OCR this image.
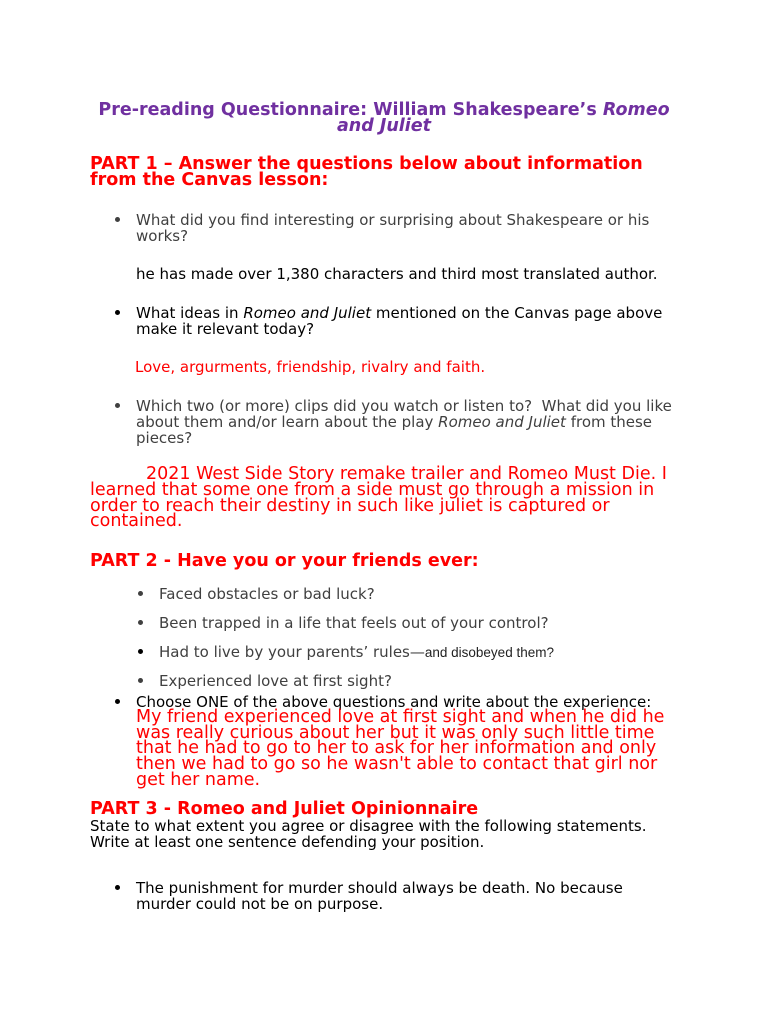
Pre-reading Questionnaire: William Shakespeare’s Romeo
and Juliet
PART 1 – Answer the questions below about information
from the Canvas lesson:
What did you find interesting or surprising about Shakespeare or his
works?
he has made over 1,380 characters and third most translated author.
What ideas in Romeo and Juliet mentioned on the Canvas page above
make it relevant today?
Love, argurments, friendship, rivalry and faith.
Which two (or more) clips did you watch or listen to?  What did you like
about them and/or learn about the play Romeo and Juliet from these
pieces?
2021 West Side Story remake trailer and Romeo Must Die. I
learned that some one from a side must go through a mission in
order to reach their destiny in such like juliet is captured or
contained.
PART 2 - Have you or your friends ever:
Faced obstacles or bad luck?
Been trapped in a life that feels out of your control?
Had to live by your parents’ rules—and disobeyed them?
Experienced love at first sight?
Choose ONE of the above questions and write about the experience:
My friend experienced love at first sight and when he did he
was really curious about her but it was only such little time
that he had to go to her to ask for her information and only
then we had to go so he wasn't able to contact that girl nor
get her name.
PART 3 - Romeo and Juliet Opinionnaire
State to what extent you agree or disagree with the following statements.
Write at least one sentence defending your position.
The punishment for murder should always be death. No because
murder could not be on purpose.
